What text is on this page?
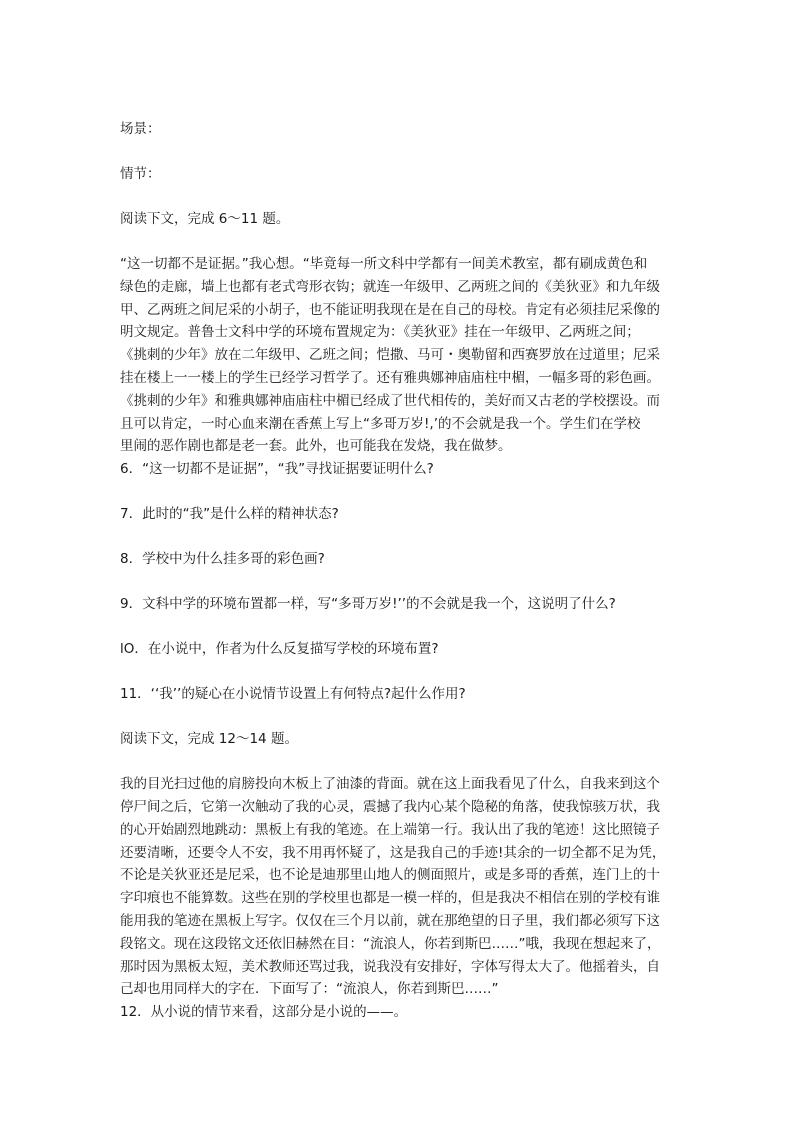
场景：

情节：

阅读下文，完成 6～11 题。

“这一切都不是证据。”我心想。“毕竟每一所文科中学都有一间美术教室，都有刷成黄色和
绿色的走廊，墙上也都有老式弯形衣钩；就连一年级甲、乙两班之间的《美狄亚》和九年级
甲、乙两班之间尼采的小胡子，也不能证明我现在是在自己的母校。肯定有必须挂尼采像的
明文规定。普鲁士文科中学的环境布置规定为：《美狄亚》挂在一年级甲、乙两班之间；
《挑刺的少年》放在二年级甲、乙班之间；恺撒、马可・奥勒留和西赛罗放在过道里；尼采
挂在楼上一一楼上的学生已经学习哲学了。还有雅典娜神庙庙柱中楣，一幅多哥的彩色画。
《挑刺的少年》和雅典娜神庙庙柱中楣已经成了世代相传的，美好而又古老的学校摆设。而
且可以肯定，一时心血来潮在香蕉上写上“多哥万岁!,’的不会就是我一个。学生们在学校
里闹的恶作剧也都是老一套。此外，也可能我在发烧，我在做梦。

6．“这一切都不是证据”，“我”寻找证据要证明什么?

7．此时的“我”是什么样的精神状态?

8．学校中为什么挂多哥的彩色画?

9．文科中学的环境布置都一样，写“多哥万岁!’’的不会就是我一个，这说明了什么?

lO．在小说中，作者为什么反复描写学校的环境布置?

11．‘‘我’’的疑心在小说情节设置上有何特点?起什么作用?

阅读下文，完成 12～14 题。

我的目光扫过他的肩膀投向木板上了油漆的背面。就在这上面我看见了什么，自我来到这个
停尸间之后，它第一次触动了我的心灵，震撼了我内心某个隐秘的角落，使我惊骇万状，我
的心开始剧烈地跳动：黑板上有我的笔迹。在上端第一行。我认出了我的笔迹！这比照镜子
还要清晰，还要令人不安，我不用再怀疑了，这是我自己的手迹!其余的一切全都不足为凭，
不论是关狄亚还是尼采，也不论是迪那里山地人的侧面照片，或是多哥的香蕉，连门上的十
字印痕也不能算数。这些在别的学校里也都是一模一样的，但是我决不相信在别的学校有谁
能用我的笔迹在黑板上写字。仅仅在三个月以前，就在那绝望的日子里，我们都必须写下这
段铭文。现在这段铭文还依旧赫然在目：“流浪人，你若到斯巴……”哦，我现在想起来了，
那时因为黑板太短，美术教师还骂过我，说我没有安排好，字体写得太大了。他摇着头，自
己却也用同样大的字在．下面写了：“流浪人，你若到斯巴……”

12．从小说的情节来看，这部分是小说的——。
